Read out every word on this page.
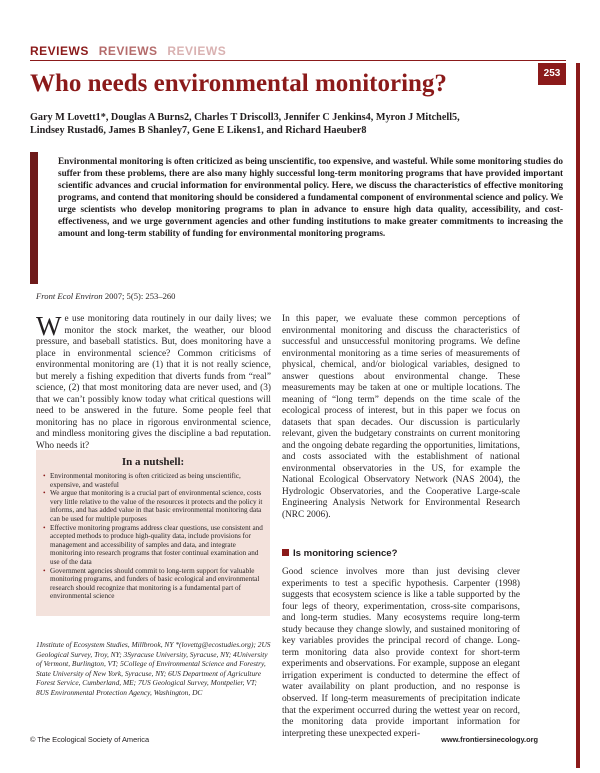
REVIEWS REVIEWS REVIEWS
253
Who needs environmental monitoring?
Gary M Lovett1*, Douglas A Burns2, Charles T Driscoll3, Jennifer C Jenkins4, Myron J Mitchell5,
Lindsey Rustad6, James B Shanley7, Gene E Likens1, and Richard Haeuber8

Environmental monitoring is often criticized as being unscientific, too expensive, and wasteful. While some monitoring studies do suffer from these problems, there are also many highly successful long-term monitoring programs that have provided important scientific advances and crucial information for environmental policy. Here, we discuss the characteristics of effective monitoring programs, and contend that monitoring should be considered a fundamental component of environmental science and policy. We urge scientists who develop monitoring programs to plan in advance to ensure high data quality, accessibility, and cost-effectiveness, and we urge government agencies and other funding institutions to make greater commitments to increasing the amount and long-term stability of funding for environmental monitoring programs.

Front Ecol Environ 2007; 5(5): 253–260
We use monitoring data routinely in our daily lives; we monitor the stock market, the weather, our blood pressure, and baseball statistics. But, does monitoring have a place in environmental science? Common criticisms of environmental monitoring are (1) that it is not really science, but merely a fishing expedition that diverts funds from “real” science, (2) that most monitoring data are never used, and (3) that we can’t possibly know today what critical questions will need to be answered in the future. Some people feel that monitoring has no place in rigorous environmental science, and mindless monitoring gives the discipline a bad reputation. Who needs it?
In a nutshell:
• Environmental monitoring is often criticized as being unscientific, expensive, and wasteful
• We argue that monitoring is a crucial part of environmental science, costs very little relative to the value of the resources it protects and the policy it informs, and has added value in that basic environmental monitoring data can be used for multiple purposes
• Effective monitoring programs address clear questions, use consistent and accepted methods to produce high-quality data, include provisions for management and accessibility of samples and data, and integrate monitoring into research programs that foster continual examination and use of the data
• Government agencies should commit to long-term support for valuable monitoring programs, and funders of basic ecological and environmental research should recognize that monitoring is a fundamental part of environmental science

1Institute of Ecosystem Studies, Millbrook, NY *(lovettg@ecostudies.org); 2US Geological Survey, Troy, NY; 3Syracuse University, Syracuse, NY; 4University of Vermont, Burlington, VT; 5College of Environmental Science and Forestry, State University of New York, Syracuse, NY; 6US Department of Agriculture Forest Service, Cumberland, ME; 7US Geological Survey, Montpelier, VT; 8US Environmental Protection Agency, Washington, DC

In this paper, we evaluate these common perceptions of environmental monitoring and discuss the characteristics of successful and unsuccessful monitoring programs. We define environmental monitoring as a time series of measurements of physical, chemical, and/or biological variables, designed to answer questions about environmental change. These measurements may be taken at one or multiple locations. The meaning of “long term” depends on the time scale of the ecological process of interest, but in this paper we focus on datasets that span decades. Our discussion is particularly relevant, given the budgetary constraints on current monitoring and the ongoing debate regarding the opportunities, limitations, and costs associated with the establishment of national environmental observatories in the US, for example the National Ecological Observatory Network (NAS 2004), the Hydrologic Observatories, and the Cooperative Large-scale Engineering Analysis Network for Environmental Research (NRC 2006).

Is monitoring science?

Good science involves more than just devising clever experiments to test a specific hypothesis. Carpenter (1998) suggests that ecosystem science is like a table supported by the four legs of theory, experimentation, cross-site comparisons, and long-term studies. Many ecosystems require long-term study because they change slowly, and sustained monitoring of key variables provides the principal record of change. Long-term monitoring data also provide context for short-term experiments and observations. For example, suppose an elegant irrigation experiment is conducted to determine the effect of water availability on plant production, and no response is observed. If long-term measurements of precipitation indicate that the experiment occurred during the wettest year on record, the monitoring data provide important information for interpreting these unexpected experi-

© The Ecological Society of America	www.frontiersinecology.org
